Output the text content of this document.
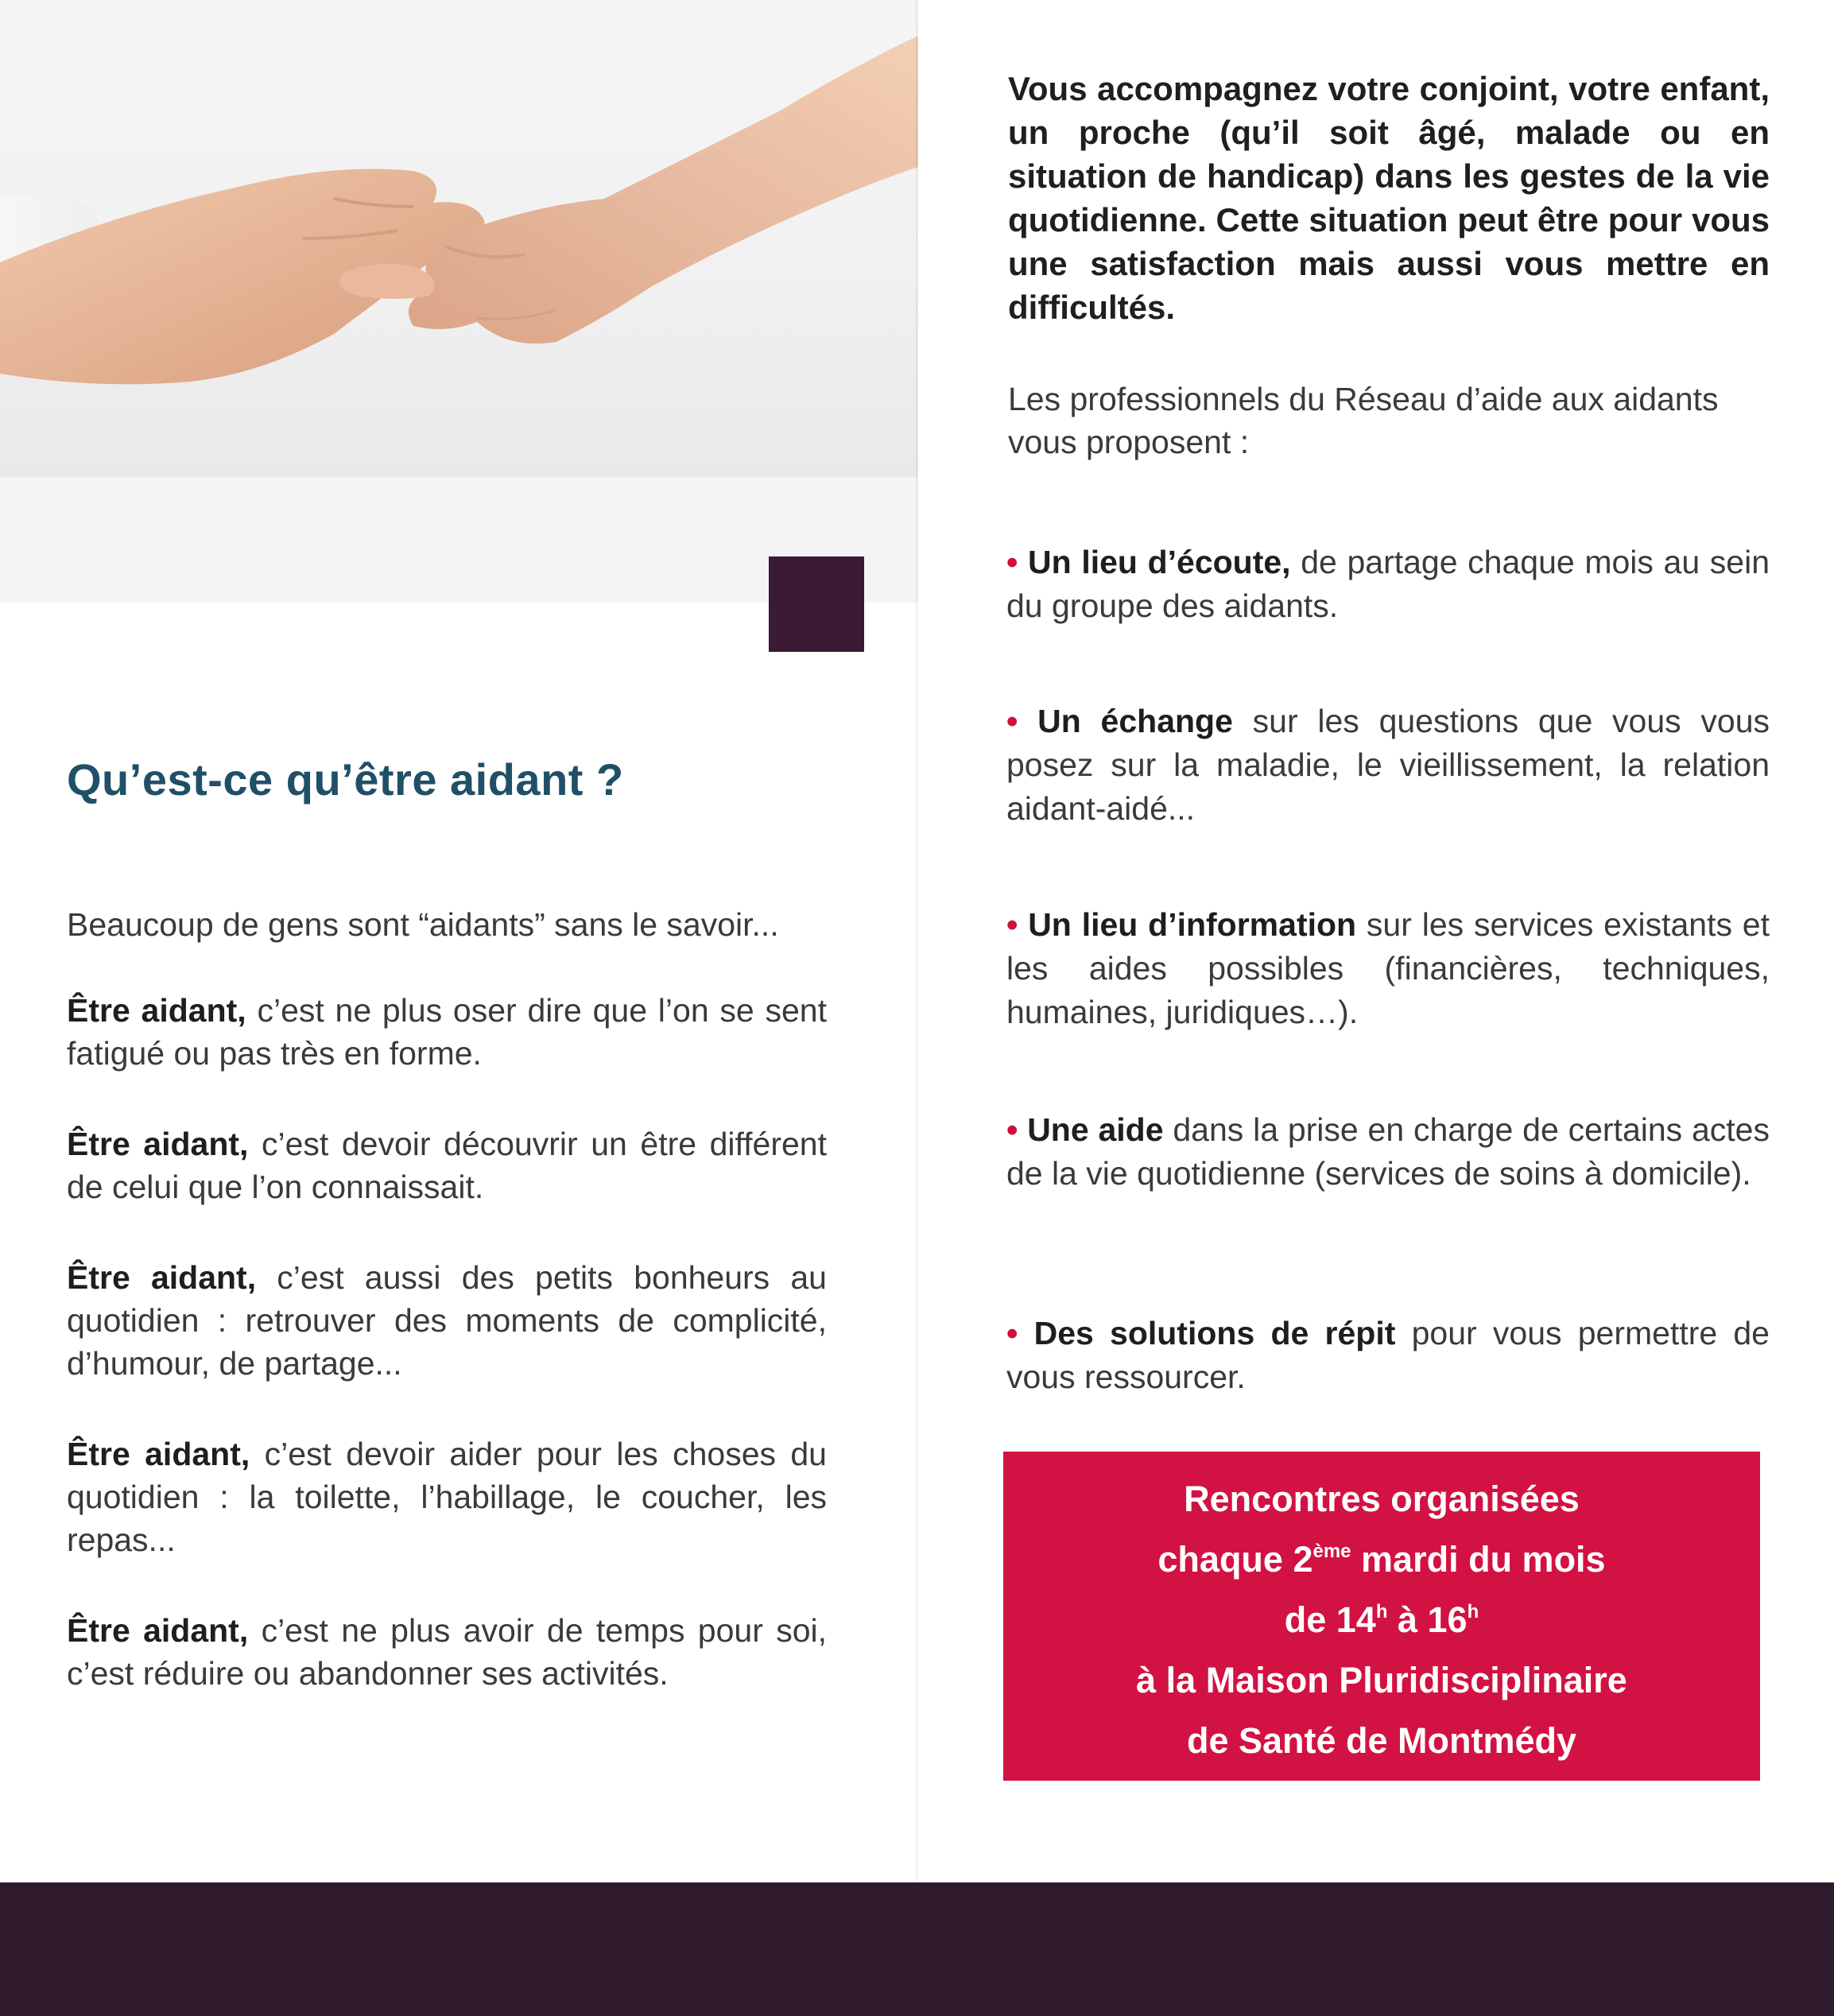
Qu’est-ce qu’être aidant ?

Beaucoup de gens sont “aidants” sans le savoir...

Être aidant, c’est ne plus oser dire que l’on se sent fatigué ou pas très en forme.

Être aidant, c’est devoir découvrir un être différent de celui que l’on connaissait.

Être aidant, c’est aussi des petits bonheurs au quotidien : retrouver des moments de complicité, d’humour, de partage...

Être aidant, c’est devoir aider pour les choses du quotidien : la toilette, l’habillage, le coucher, les repas...

Être aidant, c’est ne plus avoir de temps pour soi, c’est réduire ou abandonner ses activités.

Vous accompagnez votre conjoint, votre enfant, un proche (qu’il soit âgé, malade ou en situation de handicap) dans les gestes de la vie quotidienne. Cette situation peut être pour vous une satisfaction mais aussi vous mettre en difficultés.

Les professionnels du Réseau d’aide aux aidants vous proposent :

• Un lieu d’écoute, de partage chaque mois au sein du groupe des aidants.

• Un échange sur les questions que vous vous posez sur la maladie, le vieillissement, la relation aidant-aidé...

• Un lieu d’information sur les services existants et les aides possibles (financières, techniques, humaines, juridiques…).

• Une aide dans la prise en charge de certains actes de la vie quotidienne (services de soins à domicile).

• Des solutions de répit pour vous permettre de vous ressourcer.

Rencontres organisées
chaque 2ème mardi du mois
de 14$^h$ à 16$^h$
à la Maison Pluridisciplinaire
de Santé de Montmédy
